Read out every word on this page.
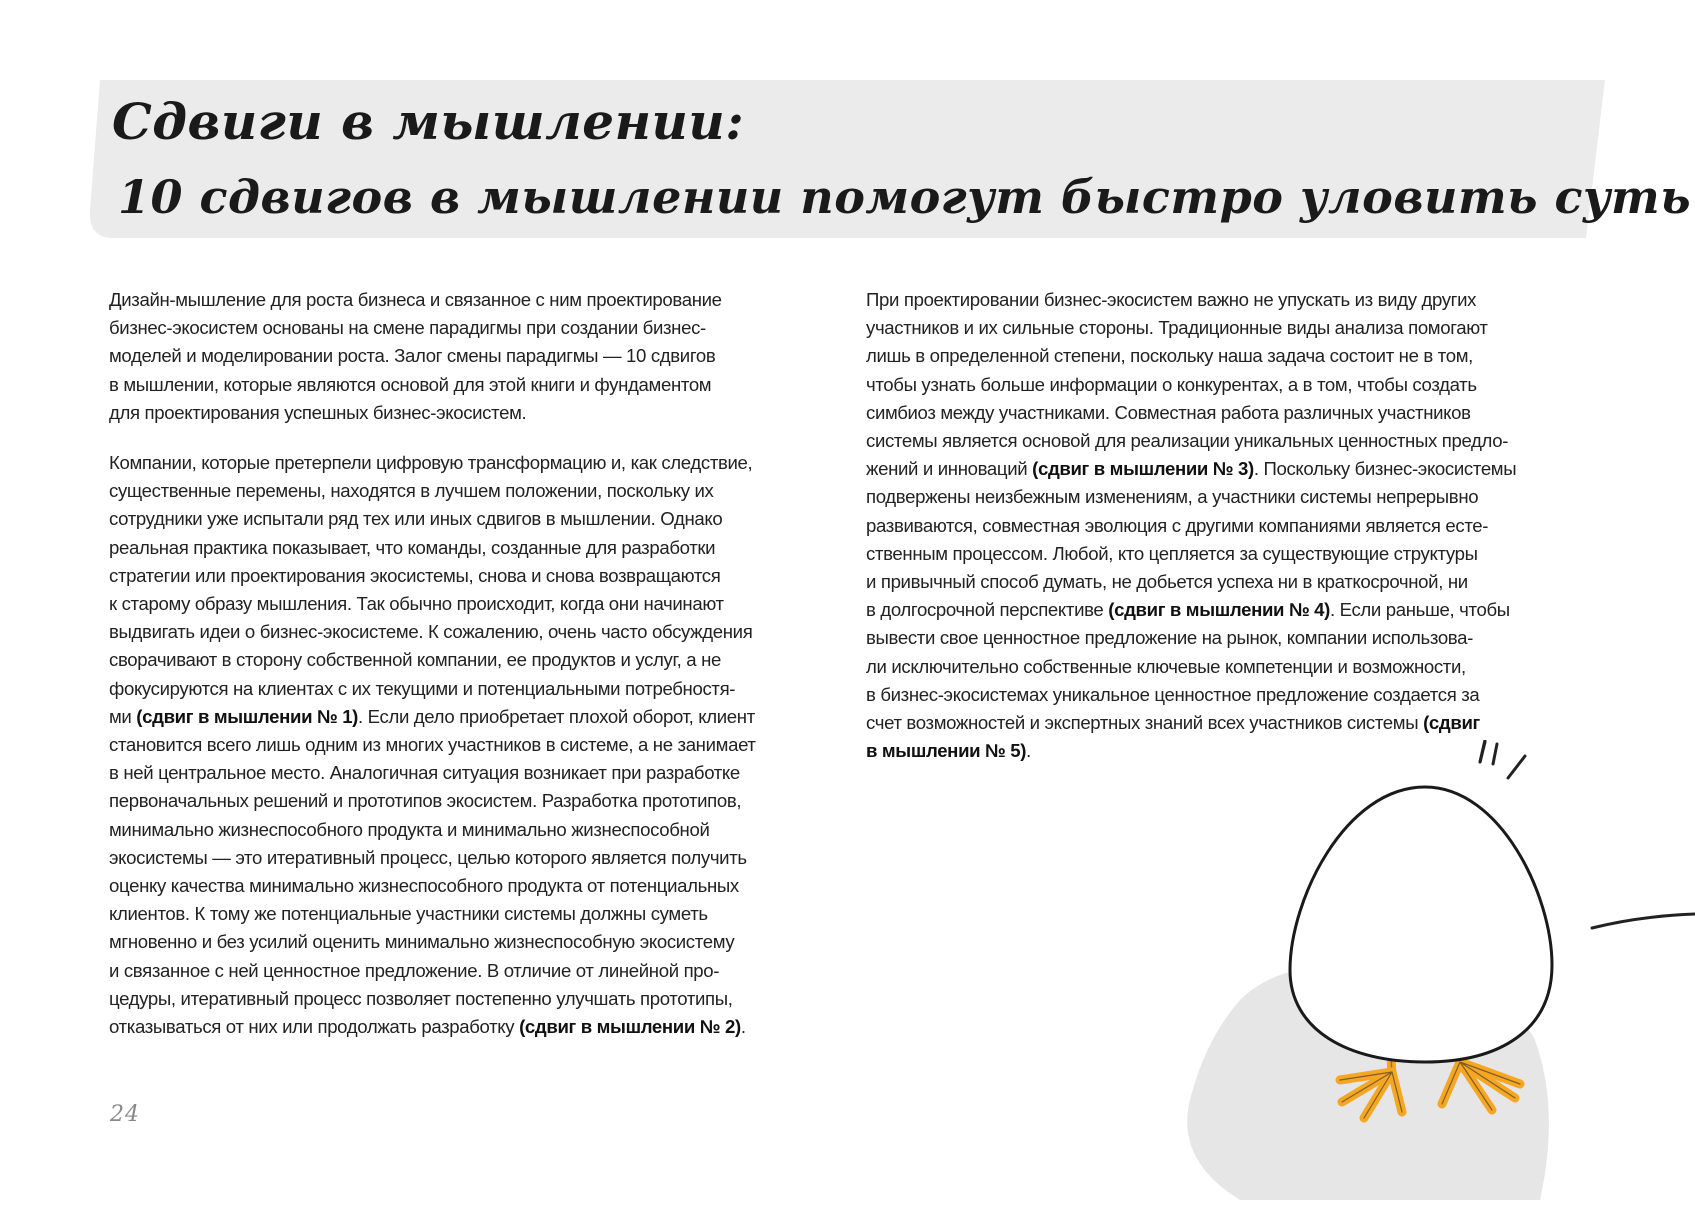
Сдвиги в мышлении:
10 сдвигов в мышлении помогут быстро уловить суть

Дизайн-мышление для роста бизнеса и связанное с ним проектирование
бизнес-экосистем основаны на смене парадигмы при создании бизнес-
моделей и моделировании роста. Залог смены парадигмы — 10 сдвигов
в мышлении, которые являются основой для этой книги и фундаментом
для проектирования успешных бизнес-экосистем.

Компании, которые претерпели цифровую трансформацию и, как следствие,
существенные перемены, находятся в лучшем положении, поскольку их
сотрудники уже испытали ряд тех или иных сдвигов в мышлении. Однако
реальная практика показывает, что команды, созданные для разработки
стратегии или проектирования экосистемы, снова и снова возвращаются
к старому образу мышления. Так обычно происходит, когда они начинают
выдвигать идеи о бизнес-экосистеме. К сожалению, очень часто обсуждения
сворачивают в сторону собственной компании, ее продуктов и услуг, а не
фокусируются на клиентах с их текущими и потенциальными потребностя-
ми (сдвиг в мышлении № 1). Если дело приобретает плохой оборот, клиент
становится всего лишь одним из многих участников в системе, а не занимает
в ней центральное место. Аналогичная ситуация возникает при разработке
первоначальных решений и прототипов экосистем. Разработка прототипов,
минимально жизнеспособного продукта и минимально жизнеспособной
экосистемы — это итеративный процесс, целью которого является получить
оценку качества минимально жизнеспособного продукта от потенциальных
клиентов. К тому же потенциальные участники системы должны суметь
мгновенно и без усилий оценить минимально жизнеспособную экосистему
и связанное с ней ценностное предложение. В отличие от линейной про-
цедуры, итеративный процесс позволяет постепенно улучшать прототипы,
отказываться от них или продолжать разработку (сдвиг в мышлении № 2).

При проектировании бизнес-экосистем важно не упускать из виду других
участников и их сильные стороны. Традиционные виды анализа помогают
лишь в определенной степени, поскольку наша задача состоит не в том,
чтобы узнать больше информации о конкурентах, а в том, чтобы создать
симбиоз между участниками. Совместная работа различных участников
системы является основой для реализации уникальных ценностных предло-
жений и инноваций (сдвиг в мышлении № 3). Поскольку бизнес-экосистемы
подвержены неизбежным изменениям, а участники системы непрерывно
развиваются, совместная эволюция с другими компаниями является есте-
ственным процессом. Любой, кто цепляется за существующие структуры
и привычный способ думать, не добьется успеха ни в краткосрочной, ни
в долгосрочной перспективе (сдвиг в мышлении № 4). Если раньше, чтобы
вывести свое ценностное предложение на рынок, компании использова-
ли исключительно собственные ключевые компетенции и возможности,
в бизнес-экосистемах уникальное ценностное предложение создается за
счет возможностей и экспертных знаний всех участников системы (сдвиг
в мышлении № 5).

24
